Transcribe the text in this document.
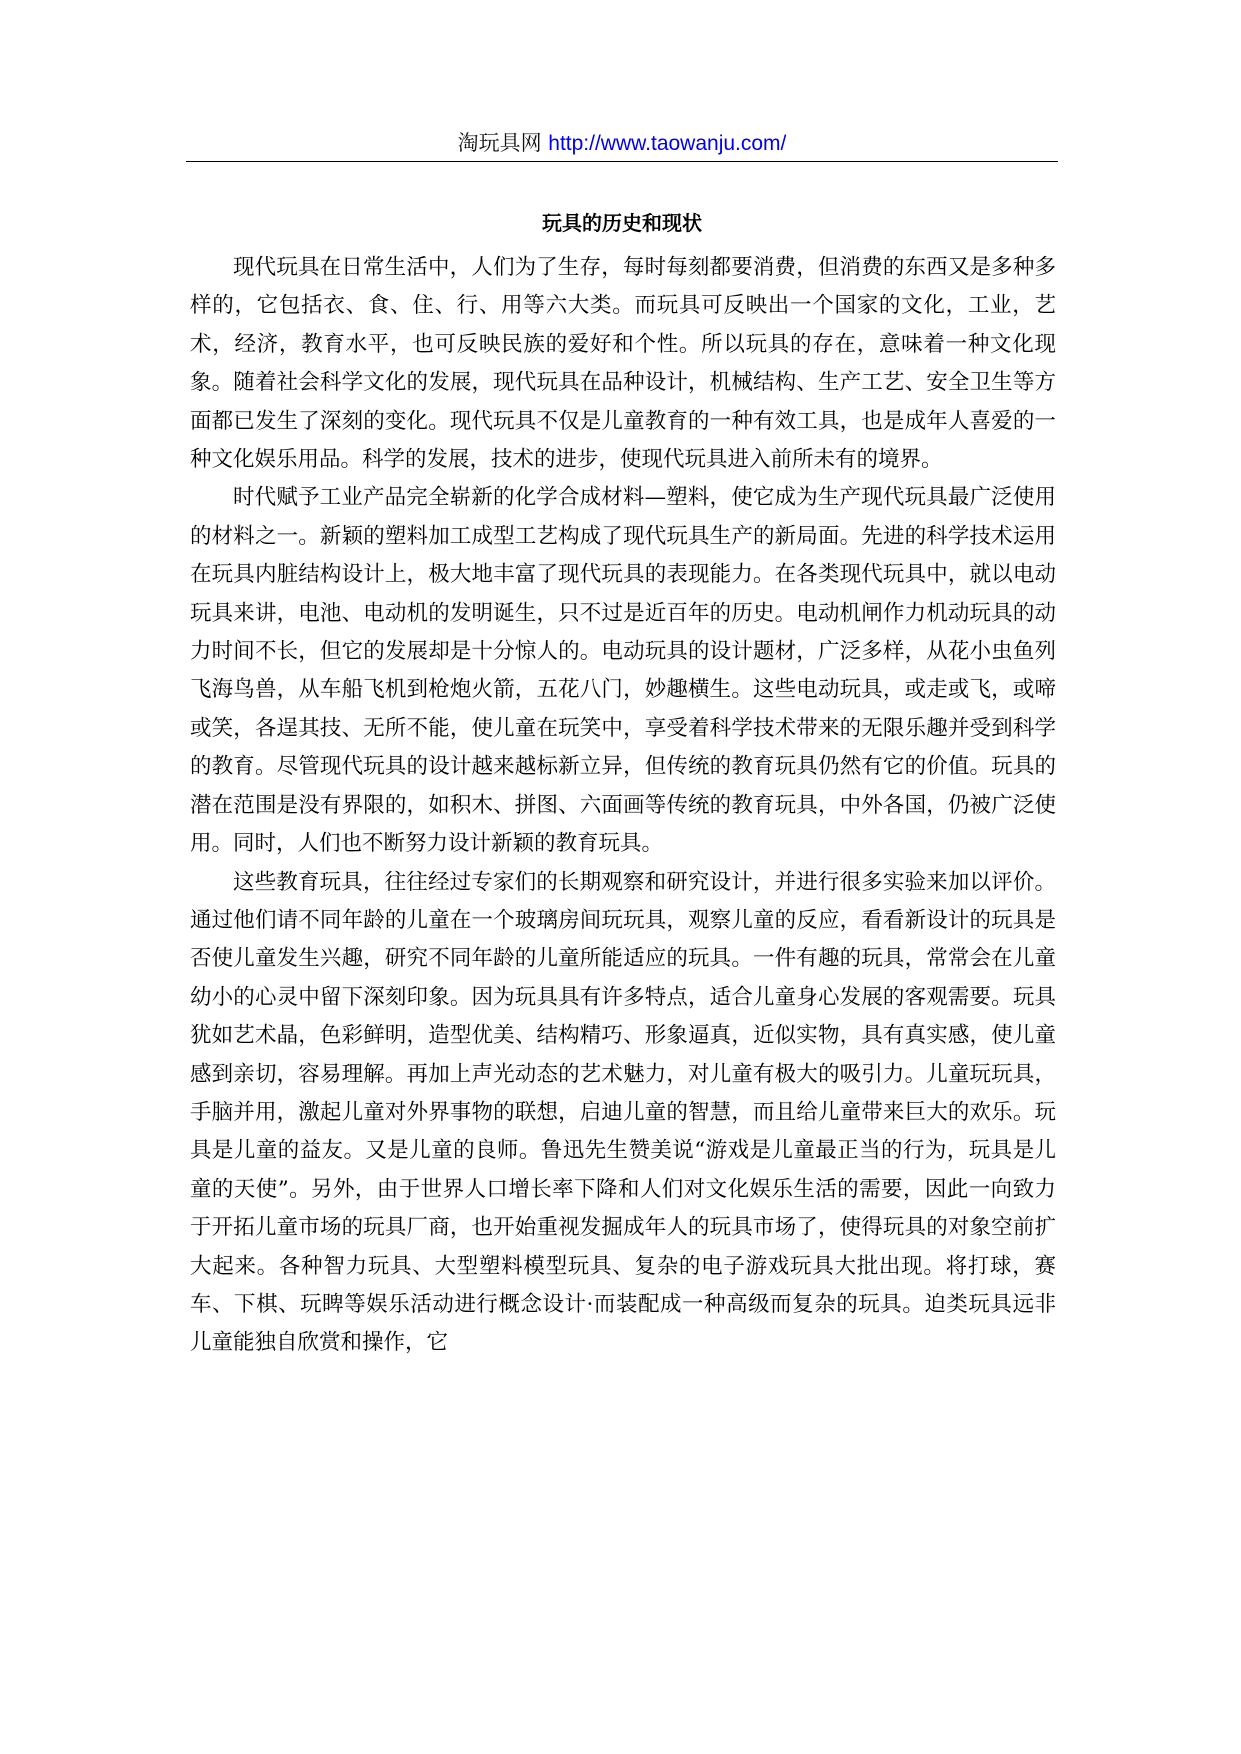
淘玩具网 http://www.taowanju.com/
玩具的历史和现状

现代玩具在日常生活中，人们为了生存，每时每刻都要消费，但消费的东西又是多种多样的，它包括衣、食、住、行、用等六大类。而玩具可反映出一个国家的文化，工业，艺术，经济，教育水平，也可反映民族的爱好和个性。所以玩具的存在，意味着一种文化现象。随着社会科学文化的发展，现代玩具在品种设计，机械结构、生产工艺、安全卫生等方面都已发生了深刻的变化。现代玩具不仅是儿童教育的一种有效工具，也是成年人喜爱的一种文化娱乐用品。科学的发展，技术的进步，使现代玩具进入前所未有的境界。

时代赋予工业产品完全崭新的化学合成材料—塑料，使它成为生产现代玩具最广泛使用的材料之一。新颖的塑料加工成型工艺构成了现代玩具生产的新局面。先进的科学技术运用在玩具内脏结构设计上，极大地丰富了现代玩具的表现能力。在各类现代玩具中，就以电动玩具来讲，电池、电动机的发明诞生，只不过是近百年的历史。电动机闸作力机动玩具的动力时间不长，但它的发展却是十分惊人的。电动玩具的设计题材，广泛多样，从花小虫鱼列飞海鸟兽，从车船飞机到枪炮火箭，五花八门，妙趣横生。这些电动玩具，或走或飞，或啼或笑，各逞其技、无所不能，使儿童在玩笑中，享受着科学技术带来的无限乐趣并受到科学的教育。尽管现代玩具的设计越来越标新立异，但传统的教育玩具仍然有它的价值。玩具的潜在范围是没有界限的，如积木、拼图、六面画等传统的教育玩具，中外各国，仍被广泛使用。同时，人们也不断努力设计新颖的教育玩具。

这些教育玩具，往往经过专家们的长期观察和研究设计，并进行很多实验来加以评价。通过他们请不同年龄的儿童在一个玻璃房间玩玩具，观察儿童的反应，看看新设计的玩具是否使儿童发生兴趣，研究不同年龄的儿童所能适应的玩具。一件有趣的玩具，常常会在儿童幼小的心灵中留下深刻印象。因为玩具具有许多特点，适合儿童身心发展的客观需要。玩具犹如艺术晶，色彩鲜明，造型优美、结构精巧、形象逼真，近似实物，具有真实感，使儿童感到亲切，容易理解。再加上声光动态的艺术魅力，对儿童有极大的吸引力。儿童玩玩具，手脑并用，激起儿童对外界事物的联想，启迪儿童的智慧，而且给儿童带来巨大的欢乐。玩具是儿童的益友。又是儿童的良师。鲁迅先生赞美说“游戏是儿童最正当的行为，玩具是儿童的天使”。另外，由于世界人口增长率下降和人们对文化娱乐生活的需要，因此一向致力于开拓儿童市场的玩具厂商，也开始重视发掘成年人的玩具市场了，使得玩具的对象空前扩大起来。各种智力玩具、大型塑料模型玩具、复杂的电子游戏玩具大批出现。将打球，赛车、下棋、玩睥等娱乐活动进行概念设计·而装配成一种高级而复杂的玩具。迫类玩具远非儿童能独自欣赏和操作，它
